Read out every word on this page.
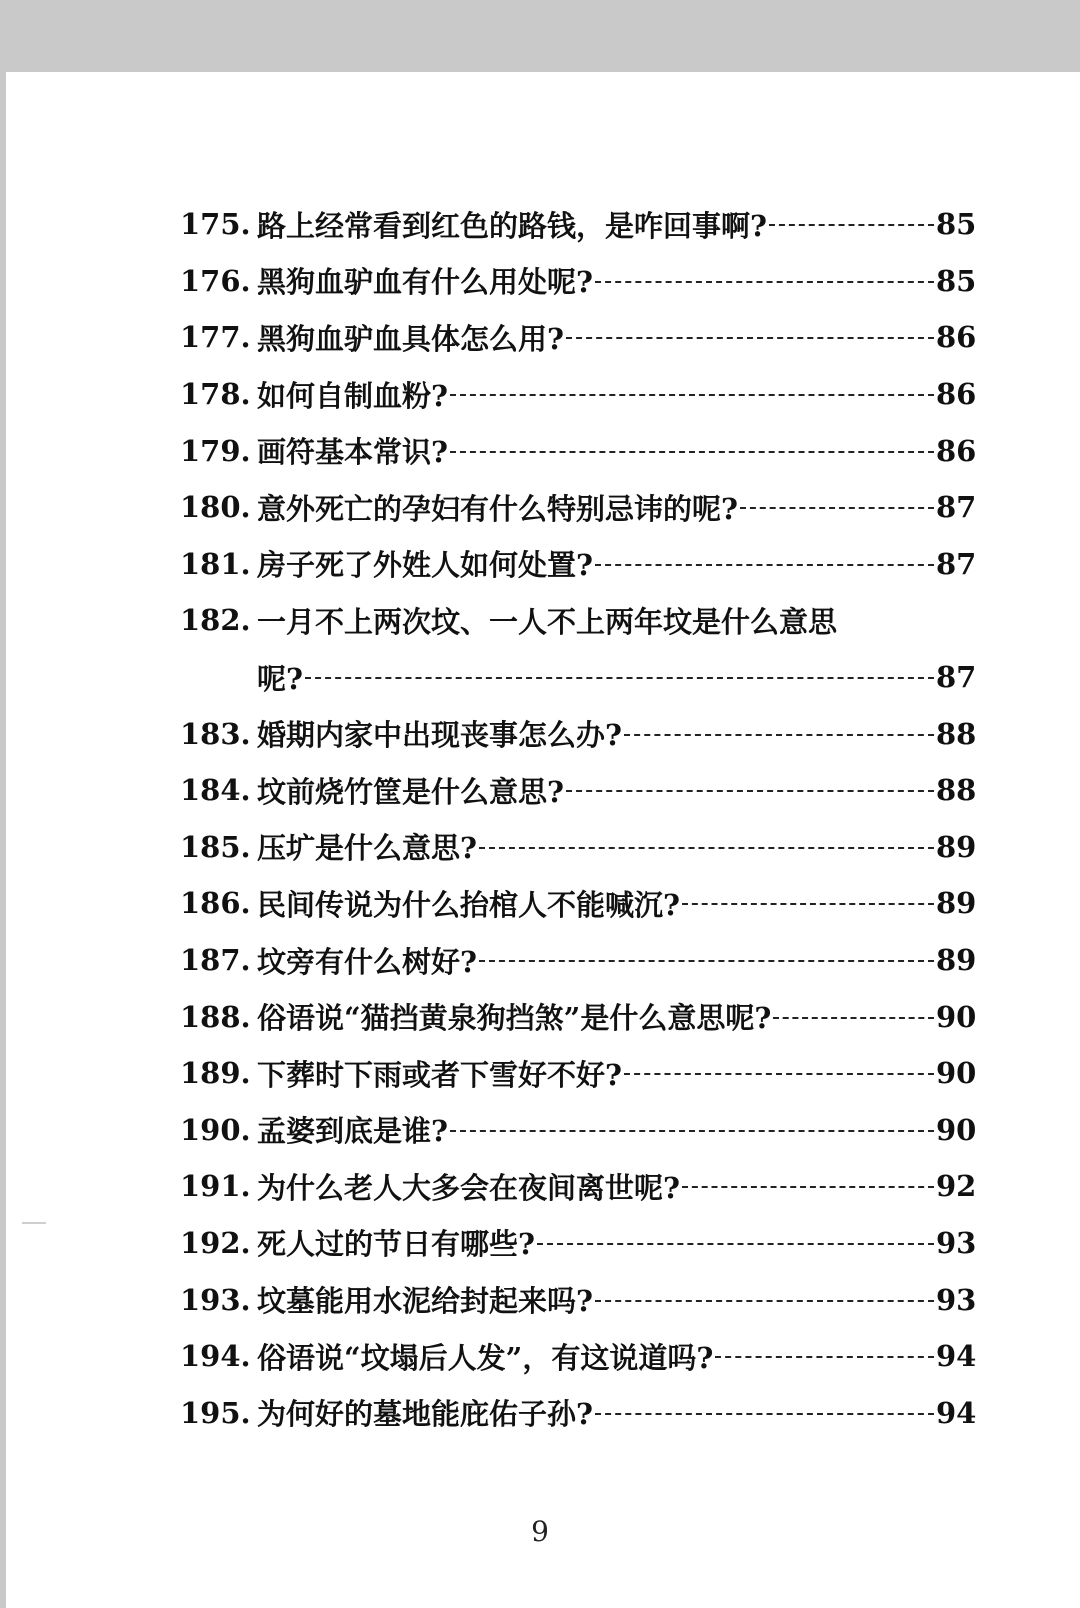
175. 路上经常看到红色的路钱，是咋回事啊?	85
176. 黑狗血驴血有什么用处呢?	85
177. 黑狗血驴血具体怎么用?	86
178. 如何自制血粉?	86
179. 画符基本常识?	86
180. 意外死亡的孕妇有什么特别忌讳的呢?	87
181. 房子死了外姓人如何处置?	87
182. 一月不上两次坟、一人不上两年坟是什么意思
呢?	87
183. 婚期内家中出现丧事怎么办?	88
184. 坟前烧竹筐是什么意思?	88
185. 压圹是什么意思?	89
186. 民间传说为什么抬棺人不能喊沉?	89
187. 坟旁有什么树好?	89
188. 俗语说“猫挡黄泉狗挡煞”是什么意思呢?	90
189. 下葬时下雨或者下雪好不好?	90
190. 孟婆到底是谁?	90
191. 为什么老人大多会在夜间离世呢?	92
192. 死人过的节日有哪些?	93
193. 坟墓能用水泥给封起来吗?	93
194. 俗语说“坟塌后人发”，有这说道吗?	94
195. 为何好的墓地能庇佑子孙?	94
9
